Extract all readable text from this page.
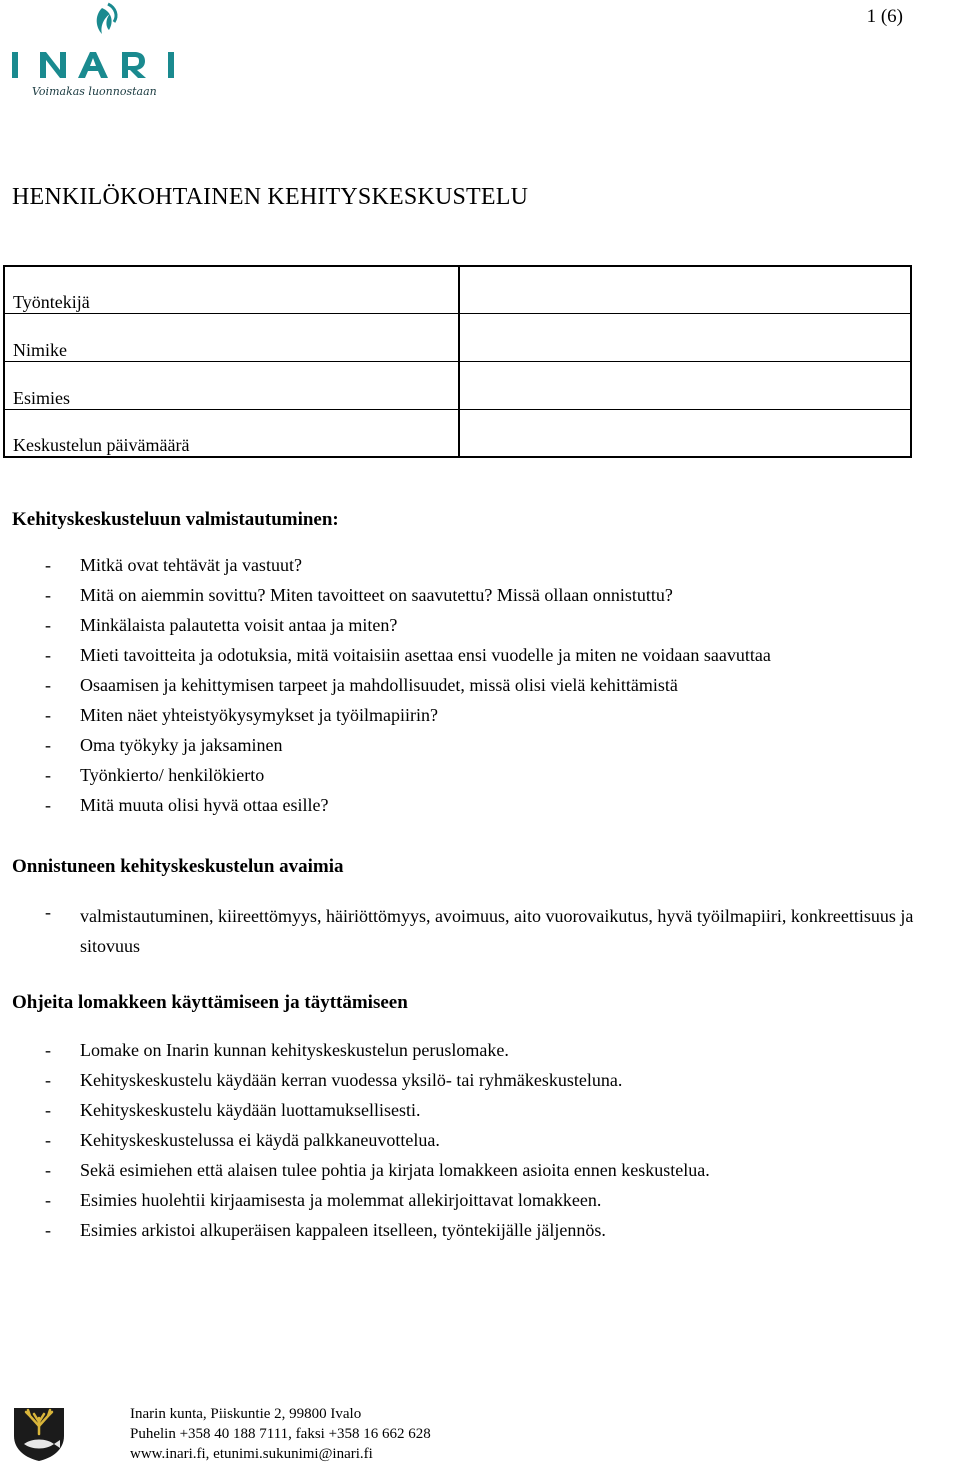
1 (6)
Voimakas luonnostaan
HENKILÖKOHTAINEN KEHITYSKESKUSTELU
Työntekijä
Nimike
Esimies
Keskustelun päivämäärä
Kehityskeskusteluun valmistautuminen:
- Mitkä ovat tehtävät ja vastuut?
- Mitä on aiemmin sovittu? Miten tavoitteet on saavutettu? Missä ollaan onnistuttu?
- Minkälaista palautetta voisit antaa ja miten?
- Mieti tavoitteita ja odotuksia, mitä voitaisiin asettaa ensi vuodelle ja miten ne voidaan saavuttaa
- Osaamisen ja kehittymisen tarpeet ja mahdollisuudet, missä olisi vielä kehittämistä
- Miten näet yhteistyökysymykset ja työilmapiirin?
- Oma työkyky ja jaksaminen
- Työnkierto/ henkilökierto
- Mitä muuta olisi hyvä ottaa esille?
Onnistuneen kehityskeskustelun avaimia
- valmistautuminen, kiireettömyys, häiriöttömyys, avoimuus, aito vuorovaikutus, hyvä työilmapiiri, konkreettisuus ja sitovuus
Ohjeita lomakkeen käyttämiseen ja täyttämiseen
- Lomake on Inarin kunnan kehityskeskustelun peruslomake.
- Kehityskeskustelu käydään kerran vuodessa yksilö- tai ryhmäkeskusteluna.
- Kehityskeskustelu käydään luottamuksellisesti.
- Kehityskeskustelussa ei käydä palkkaneuvottelua.
- Sekä esimiehen että alaisen tulee pohtia ja kirjata lomakkeen asioita ennen keskustelua.
- Esimies huolehtii kirjaamisesta ja molemmat allekirjoittavat lomakkeen.
- Esimies arkistoi alkuperäisen kappaleen itselleen, työntekijälle jäljennös.
Inarin kunta, Piiskuntie 2, 99800 Ivalo
Puhelin +358 40 188 7111, faksi +358 16 662 628
www.inari.fi, etunimi.sukunimi@inari.fi
